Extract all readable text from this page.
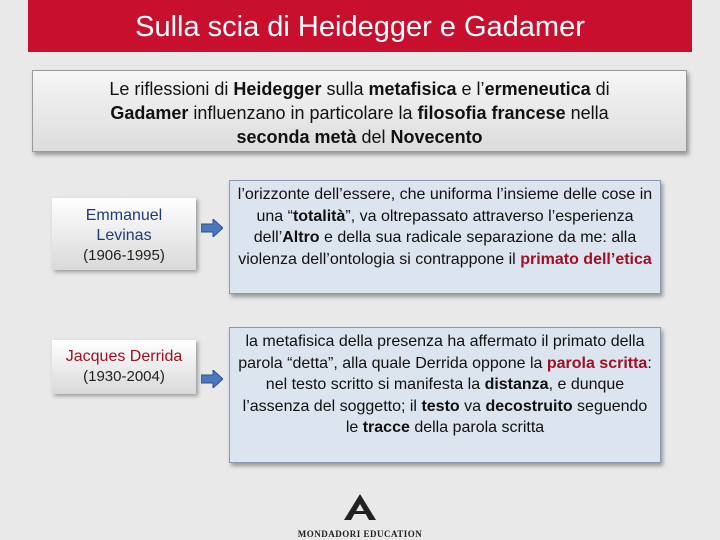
Sulla scia di Heidegger e Gadamer
Le riflessioni di Heidegger sulla metafisica e l’ermeneutica di
Gadamer influenzano in particolare la filosofia francese nella
seconda metà del Novecento
Emmanuel Levinas
(1906-1995)
l’orizzonte dell’essere, che uniforma l’insieme delle cose in una “totalità”, va oltrepassato attraverso l’esperienza dell’Altro e della sua radicale separazione da me: alla violenza dell’ontologia si contrappone il primato dell’etica
Jacques Derrida
(1930-2004)
la metafisica della presenza ha affermato il primato della parola “detta”, alla quale Derrida oppone la parola scritta: nel testo scritto si manifesta la distanza, e dunque l’assenza del soggetto; il testo va decostruito seguendo le tracce della parola scritta
MONDADORI EDUCATION
